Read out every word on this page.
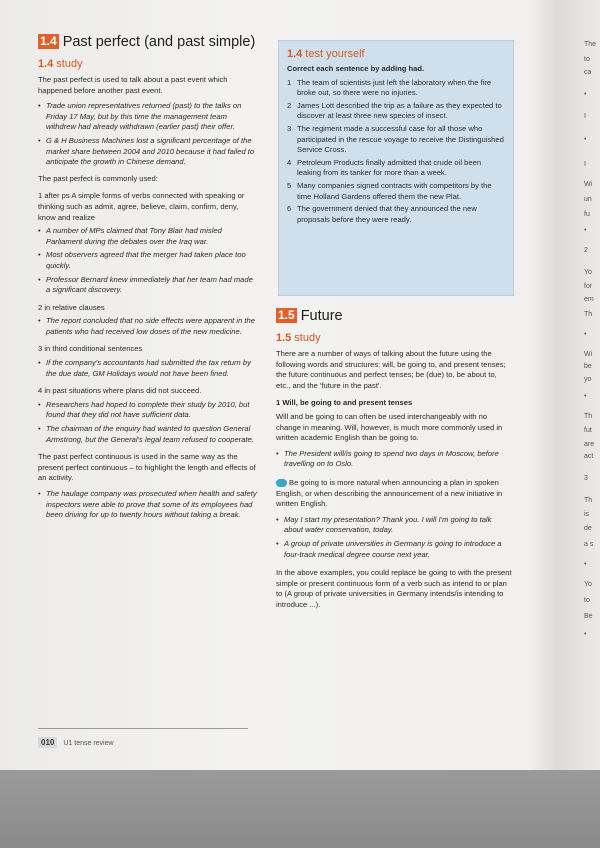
1.4 Past perfect (and past simple)
1.4 study

The past perfect is used to talk about a past event which happened before another past event.

• Trade union representatives returned (past) to the talks on Friday 17 May, but by this time the management team withdrew had already withdrawn (earlier past) their offer.
• G & H Business Machines lost a significant percentage of the market share between 2004 and 2010 because it had failed to anticipate the growth in Chinese demand.

The past perfect is commonly used:

1 after ps A simple forms of verbs connected with speaking or thinking such as admit, agree, believe, claim, confirm, deny, know and realize
• A number of MPs claimed that Tony Blair had misled Parliament during the debates over the Iraq war.
• Most observers agreed that the merger had taken place too quickly.
• Professor Bernard knew immediately that her team had made a significant discovery.
2 in relative clauses
• The report concluded that no side effects were apparent in the patients who had received low doses of the new medicine.
3 in third conditional sentences
• If the company's accountants had submitted the tax return by the due date, GM Holidays would not have been fined.
4 in past situations where plans did not succeed.
• Researchers had hoped to complete their study by 2010, but found that they did not have sufficient data.
• The chairman of the enquiry had wanted to question General Armstrong, but the General's legal team refused to cooperate.

The past perfect continuous is used in the same way as the present perfect continuous – to highlight the length and effects of an activity.

• The haulage company was prosecuted when health and safety inspectors were able to prove that some of its employees had been driving for up to twenty hours without taking a break.
1.4 test yourself
Correct each sentence by adding had.
1 The team of scientists just left the laboratory when the fire broke out, so there were no injuries.
2 James Lott described the trip as a failure as they expected to discover at least three new species of insect.
3 The regiment made a successful case for all those who participated in the rescue voyage to receive the Distinguished Service Cross.
4 Petroleum Products finally admitted that crude oil been leaking from its tanker for more than a week.
5 Many companies signed contracts with competitors by the time Holland Gardens offered them the new Plat.
6 The government denied that they announced the new proposals before they were ready.
1.5 Future
1.5 study

There are a number of ways of talking about the future using the following words and structures: will, be going to, and present tenses; the future continuous and perfect tenses; be (due) to, be about to, etc., and the 'future in the past'.

1 Will, be going to and present tenses

Will and be going to can often be used interchangeably with no change in meaning. Will, however, is much more commonly used in written academic English than be going to.

• The President will/is going to spend two days in Moscow, before travelling on to Oslo.

Be going to is more natural when announcing a plan in spoken English, or when describing the announcement of a new initiative in written English.

• May I start my presentation? Thank you. I will I'm going to talk about water conservation, today.
• A group of private universities in Germany is going to introduce a four-track medical degree course next year.

In the above examples, you could replace be going to with the present simple or present continuous form of a verb such as intend to or plan to (A group of private universities in Germany intends/is intending to introduce ...).

010 U1 tense review
The
to
ca
•
I
•
I
Wi
un
fu
•
2
Yo
for
em
Th
•
Wi
be
yo
•
Th
fut
are
act
3
Th
is
de
a s
•
Yo
to
Be
•
